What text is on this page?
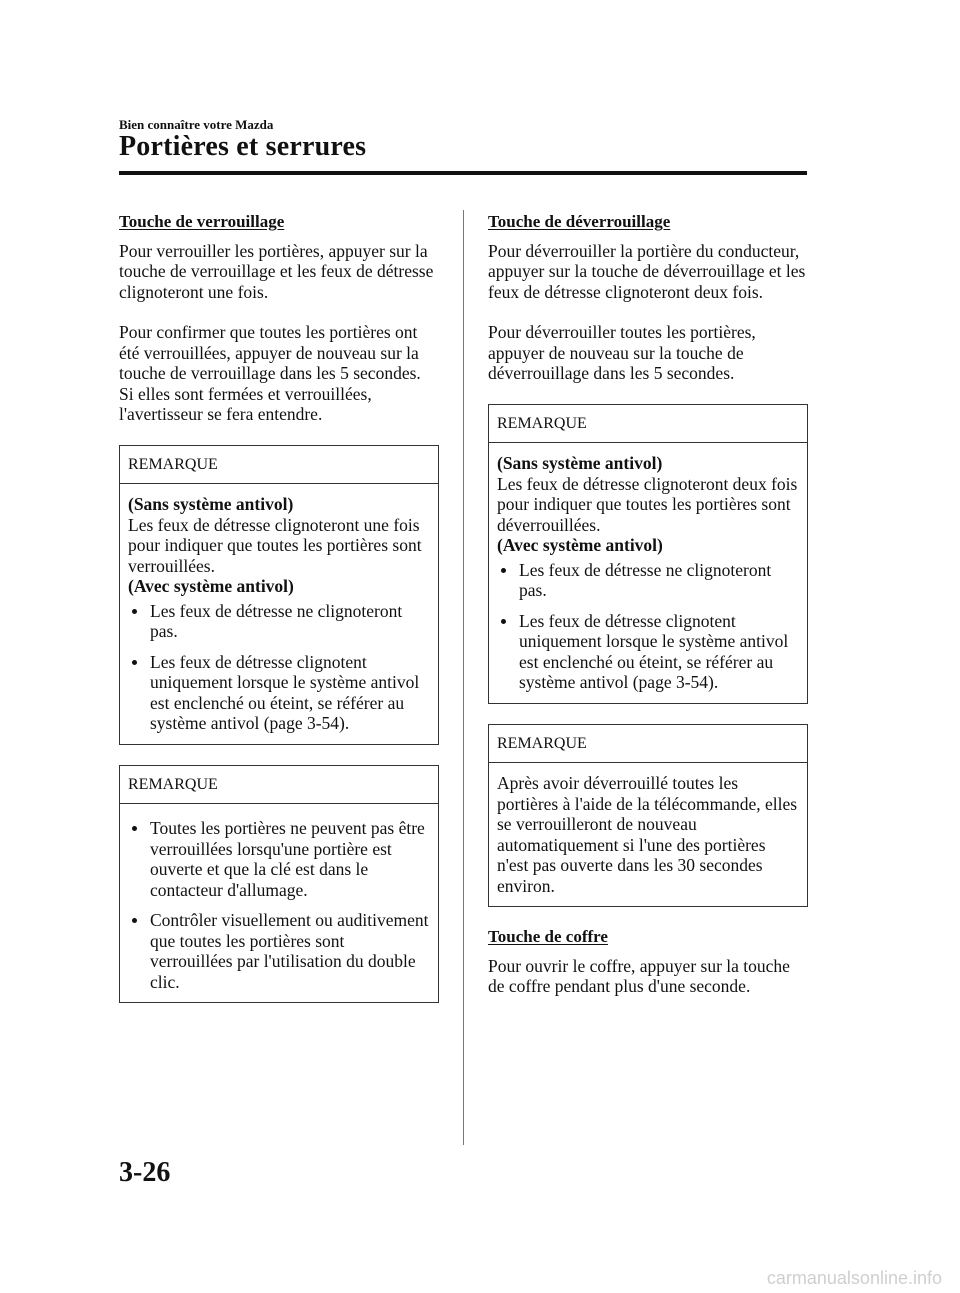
Bien connaître votre Mazda
Portières et serrures
Touche de verrouillage

Pour verrouiller les portières, appuyer sur la touche de verrouillage et les feux de détresse clignoteront une fois.

Pour confirmer que toutes les portières ont été verrouillées, appuyer de nouveau sur la touche de verrouillage dans les 5 secondes. Si elles sont fermées et verrouillées, l'avertisseur se fera entendre.

REMARQUE
(Sans système antivol)
Les feux de détresse clignoteront une fois pour indiquer que toutes les portières sont verrouillées.
(Avec système antivol)
Les feux de détresse ne clignoteront pas.
Les feux de détresse clignotent uniquement lorsque le système antivol est enclenché ou éteint, se référer au système antivol (page 3-54).
REMARQUE
Toutes les portières ne peuvent pas être verrouillées lorsqu'une portière est ouverte et que la clé est dans le contacteur d'allumage.
Contrôler visuellement ou auditivement que toutes les portières sont verrouillées par l'utilisation du double clic.
Touche de déverrouillage

Pour déverrouiller la portière du conducteur, appuyer sur la touche de déverrouillage et les feux de détresse clignoteront deux fois.

Pour déverrouiller toutes les portières, appuyer de nouveau sur la touche de déverrouillage dans les 5 secondes.

REMARQUE
(Sans système antivol)
Les feux de détresse clignoteront deux fois pour indiquer que toutes les portières sont déverrouillées.
(Avec système antivol)
Les feux de détresse ne clignoteront pas.
Les feux de détresse clignotent uniquement lorsque le système antivol est enclenché ou éteint, se référer au système antivol (page 3-54).
REMARQUE
Après avoir déverrouillé toutes les portières à l'aide de la télécommande, elles se verrouilleront de nouveau automatiquement si l'une des portières n'est pas ouverte dans les 30 secondes environ.
Touche de coffre

Pour ouvrir le coffre, appuyer sur la touche de coffre pendant plus d'une seconde.

3-26
carmanualsonline.info
